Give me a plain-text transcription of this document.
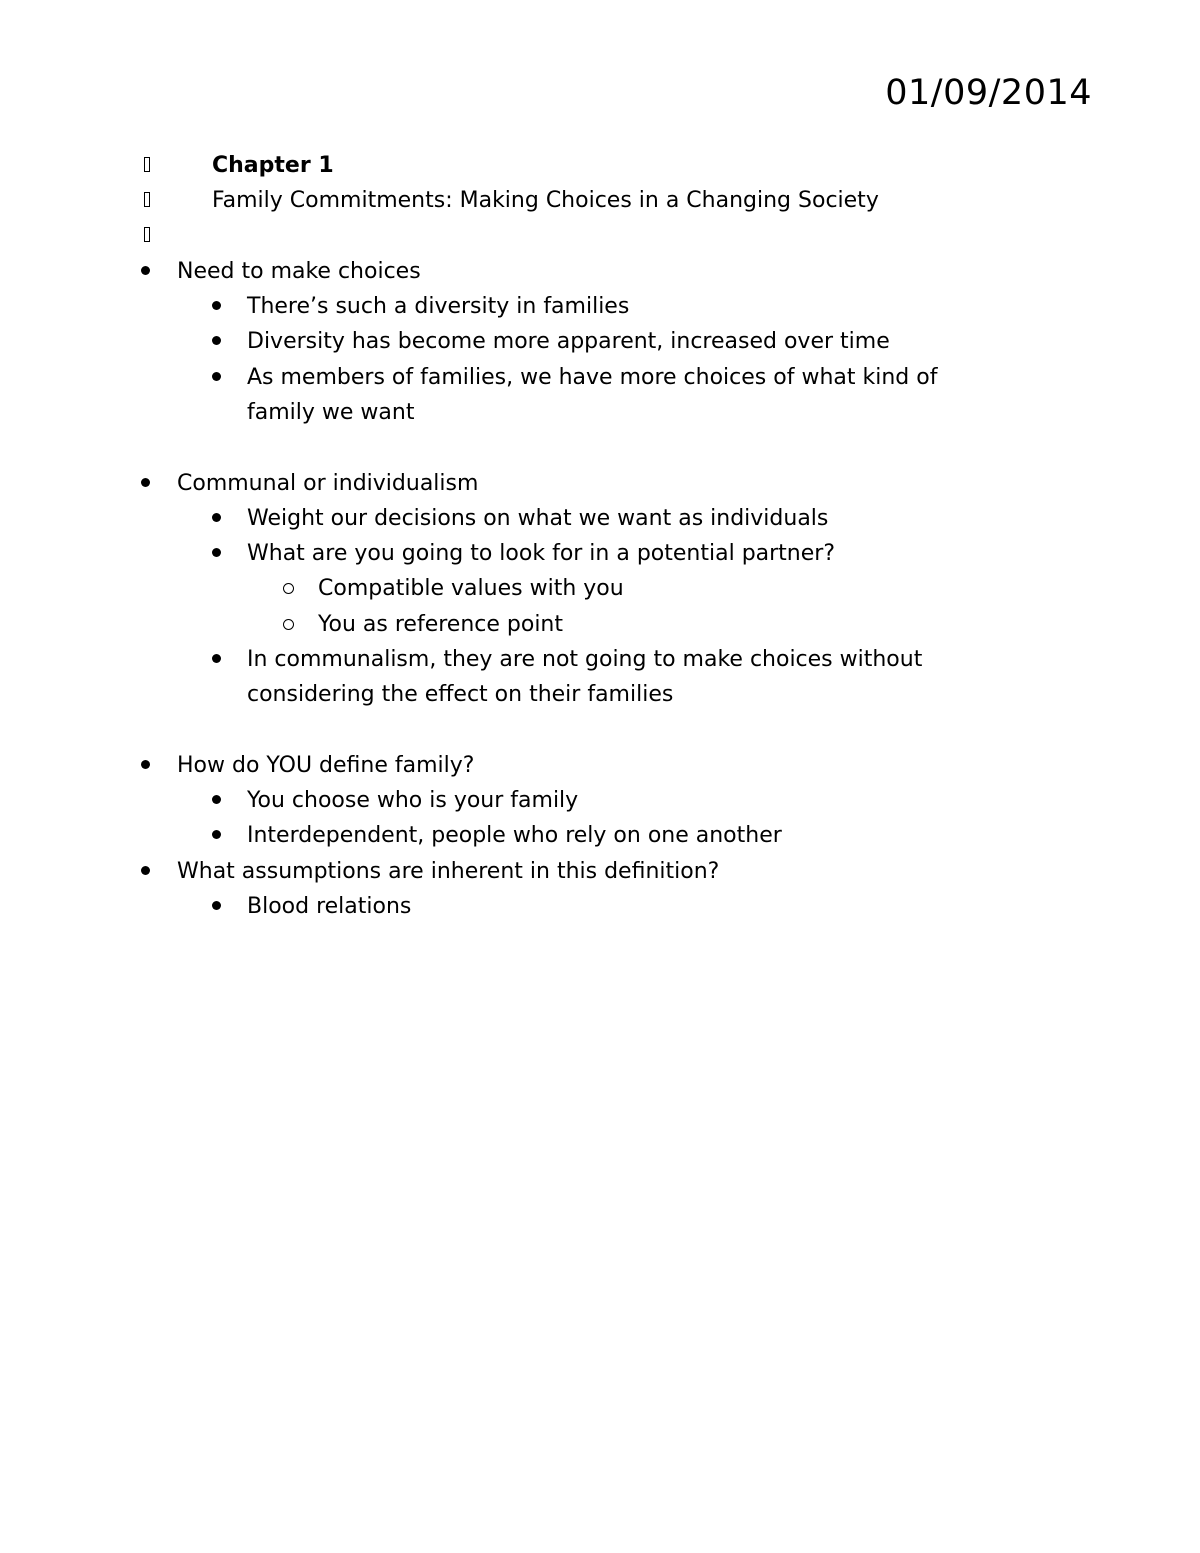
01/09/2014
Chapter 1
Family Commitments: Making Choices in a Changing Society
Need to make choices
There’s such a diversity in families
Diversity has become more apparent, increased over time
As members of families, we have more choices of what kind of
family we want
Communal or individualism
Weight our decisions on what we want as individuals
What are you going to look for in a potential partner?
Compatible values with you
You as reference point
In communalism, they are not going to make choices without
considering the effect on their families
How do YOU define family?
You choose who is your family
Interdependent, people who rely on one another
What assumptions are inherent in this definition?
Blood relations
